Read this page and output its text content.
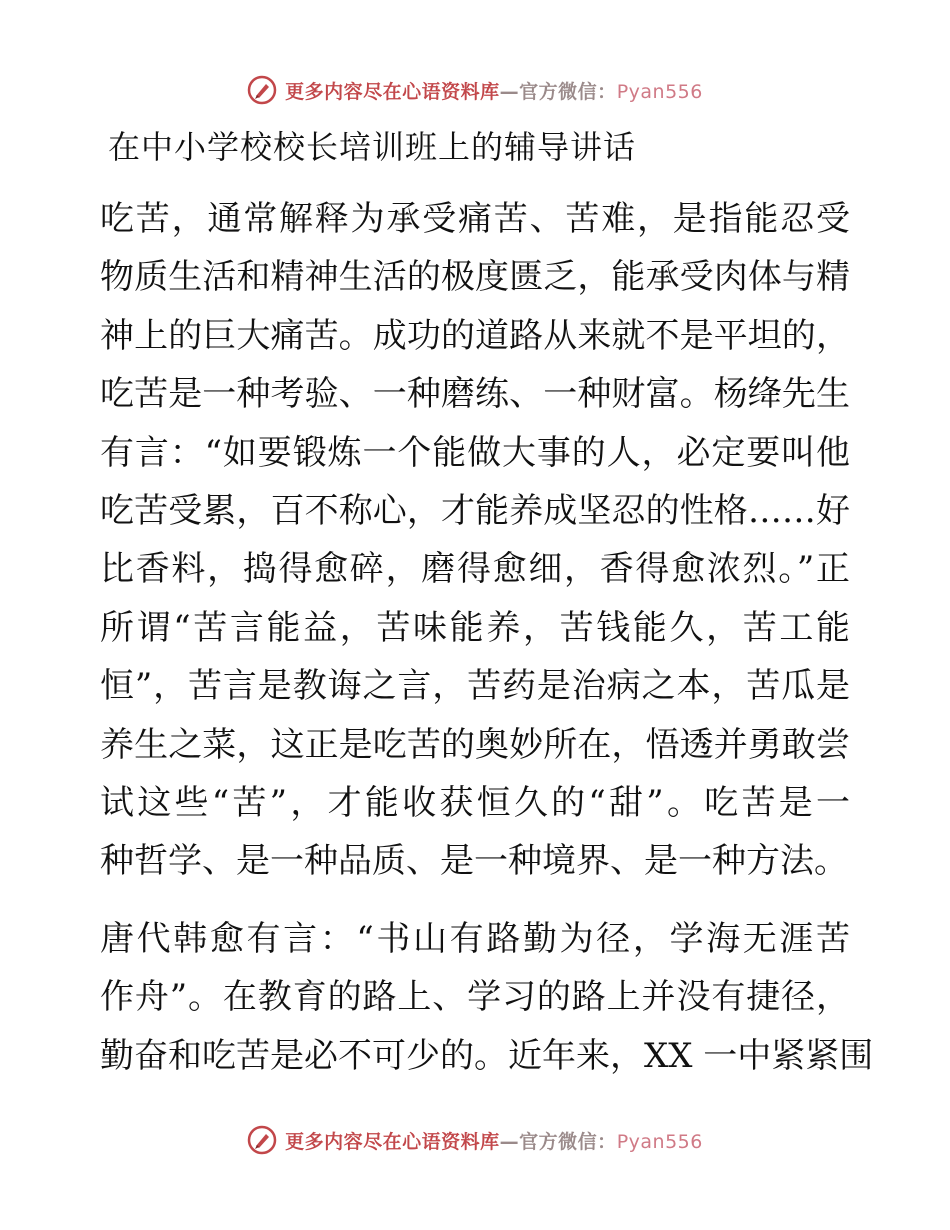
更多内容尽在心语资料库—官方微信：Pyan556
在中小学校校长培训班上的辅导讲话
吃苦，通常解释为承受痛苦、苦难，是指能忍受
物质生活和精神生活的极度匮乏，能承受肉体与精
神上的巨大痛苦。成功的道路从来就不是平坦的，
吃苦是一种考验、一种磨练、一种财富。杨绛先生
有言：“如要锻炼一个能做大事的人，必定要叫他
吃苦受累，百不称心，才能养成坚忍的性格……好
比香料，捣得愈碎，磨得愈细，香得愈浓烈。”正
所谓“苦言能益，苦味能养，苦钱能久，苦工能
恒”，苦言是教诲之言，苦药是治病之本，苦瓜是
养生之菜，这正是吃苦的奥妙所在，悟透并勇敢尝
试这些“苦”，才能收获恒久的“甜”。吃苦是一
种哲学、是一种品质、是一种境界、是一种方法。
唐代韩愈有言：“书山有路勤为径，学海无涯苦
作舟”。在教育的路上、学习的路上并没有捷径，
勤奋和吃苦是必不可少的。近年来，XX 一中紧紧围
更多内容尽在心语资料库—官方微信：Pyan556
